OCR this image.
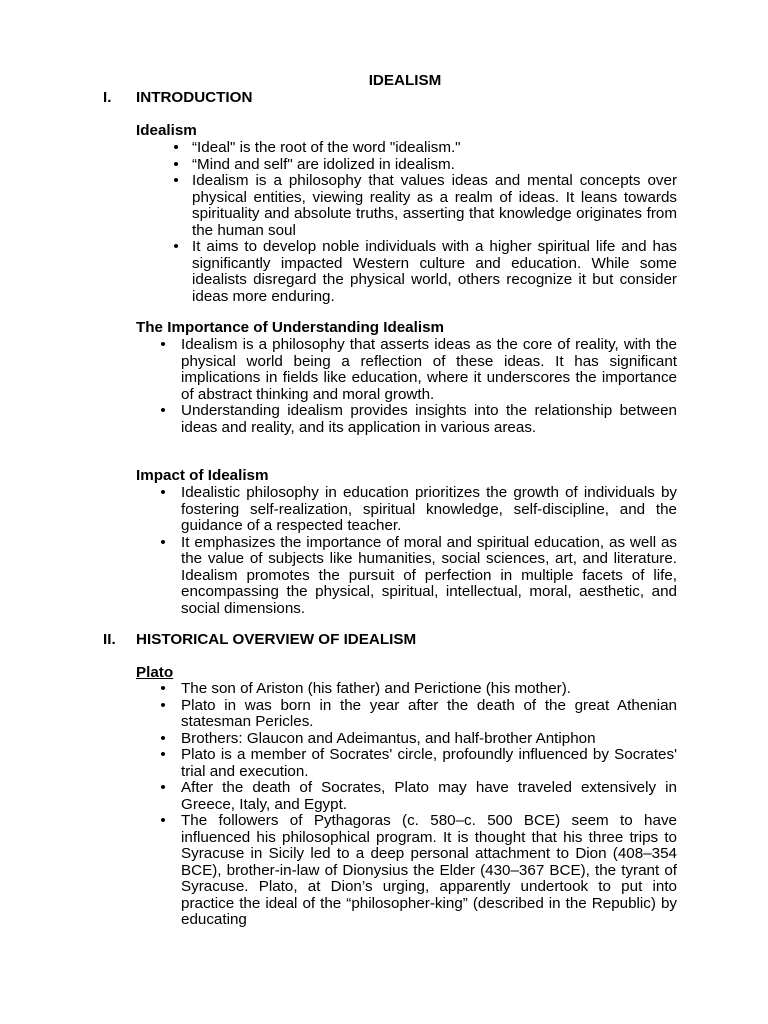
IDEALISM
I. INTRODUCTION
Idealism
• “Ideal" is the root of the word "idealism."
• “Mind and self" are idolized in idealism.
• Idealism is a philosophy that values ideas and mental concepts over physical entities, viewing reality as a realm of ideas. It leans towards spirituality and absolute truths, asserting that knowledge originates from the human soul
• It aims to develop noble individuals with a higher spiritual life and has significantly impacted Western culture and education. While some idealists disregard the physical world, others recognize it but consider ideas more enduring.
The Importance of Understanding Idealism
• Idealism is a philosophy that asserts ideas as the core of reality, with the physical world being a reflection of these ideas. It has significant implications in fields like education, where it underscores the importance of abstract thinking and moral growth.
• Understanding idealism provides insights into the relationship between ideas and reality, and its application in various areas.
Impact of Idealism
• Idealistic philosophy in education prioritizes the growth of individuals by fostering self-realization, spiritual knowledge, self-discipline, and the guidance of a respected teacher.
• It emphasizes the importance of moral and spiritual education, as well as the value of subjects like humanities, social sciences, art, and literature. Idealism promotes the pursuit of perfection in multiple facets of life, encompassing the physical, spiritual, intellectual, moral, aesthetic, and social dimensions.
II. HISTORICAL OVERVIEW OF IDEALISM
Plato
• The son of Ariston (his father) and Perictione (his mother).
• Plato in was born in the year after the death of the great Athenian statesman Pericles.
• Brothers: Glaucon and Adeimantus, and half-brother Antiphon
• Plato is a member of Socrates' circle, profoundly influenced by Socrates' trial and execution.
• After the death of Socrates, Plato may have traveled extensively in Greece, Italy, and Egypt.
• The followers of Pythagoras (c. 580–c. 500 BCE) seem to have influenced his philosophical program. It is thought that his three trips to Syracuse in Sicily led to a deep personal attachment to Dion (408–354 BCE), brother-in-law of Dionysius the Elder (430–367 BCE), the tyrant of Syracuse. Plato, at Dion’s urging, apparently undertook to put into practice the ideal of the “philosopher-king” (described in the Republic) by educating
